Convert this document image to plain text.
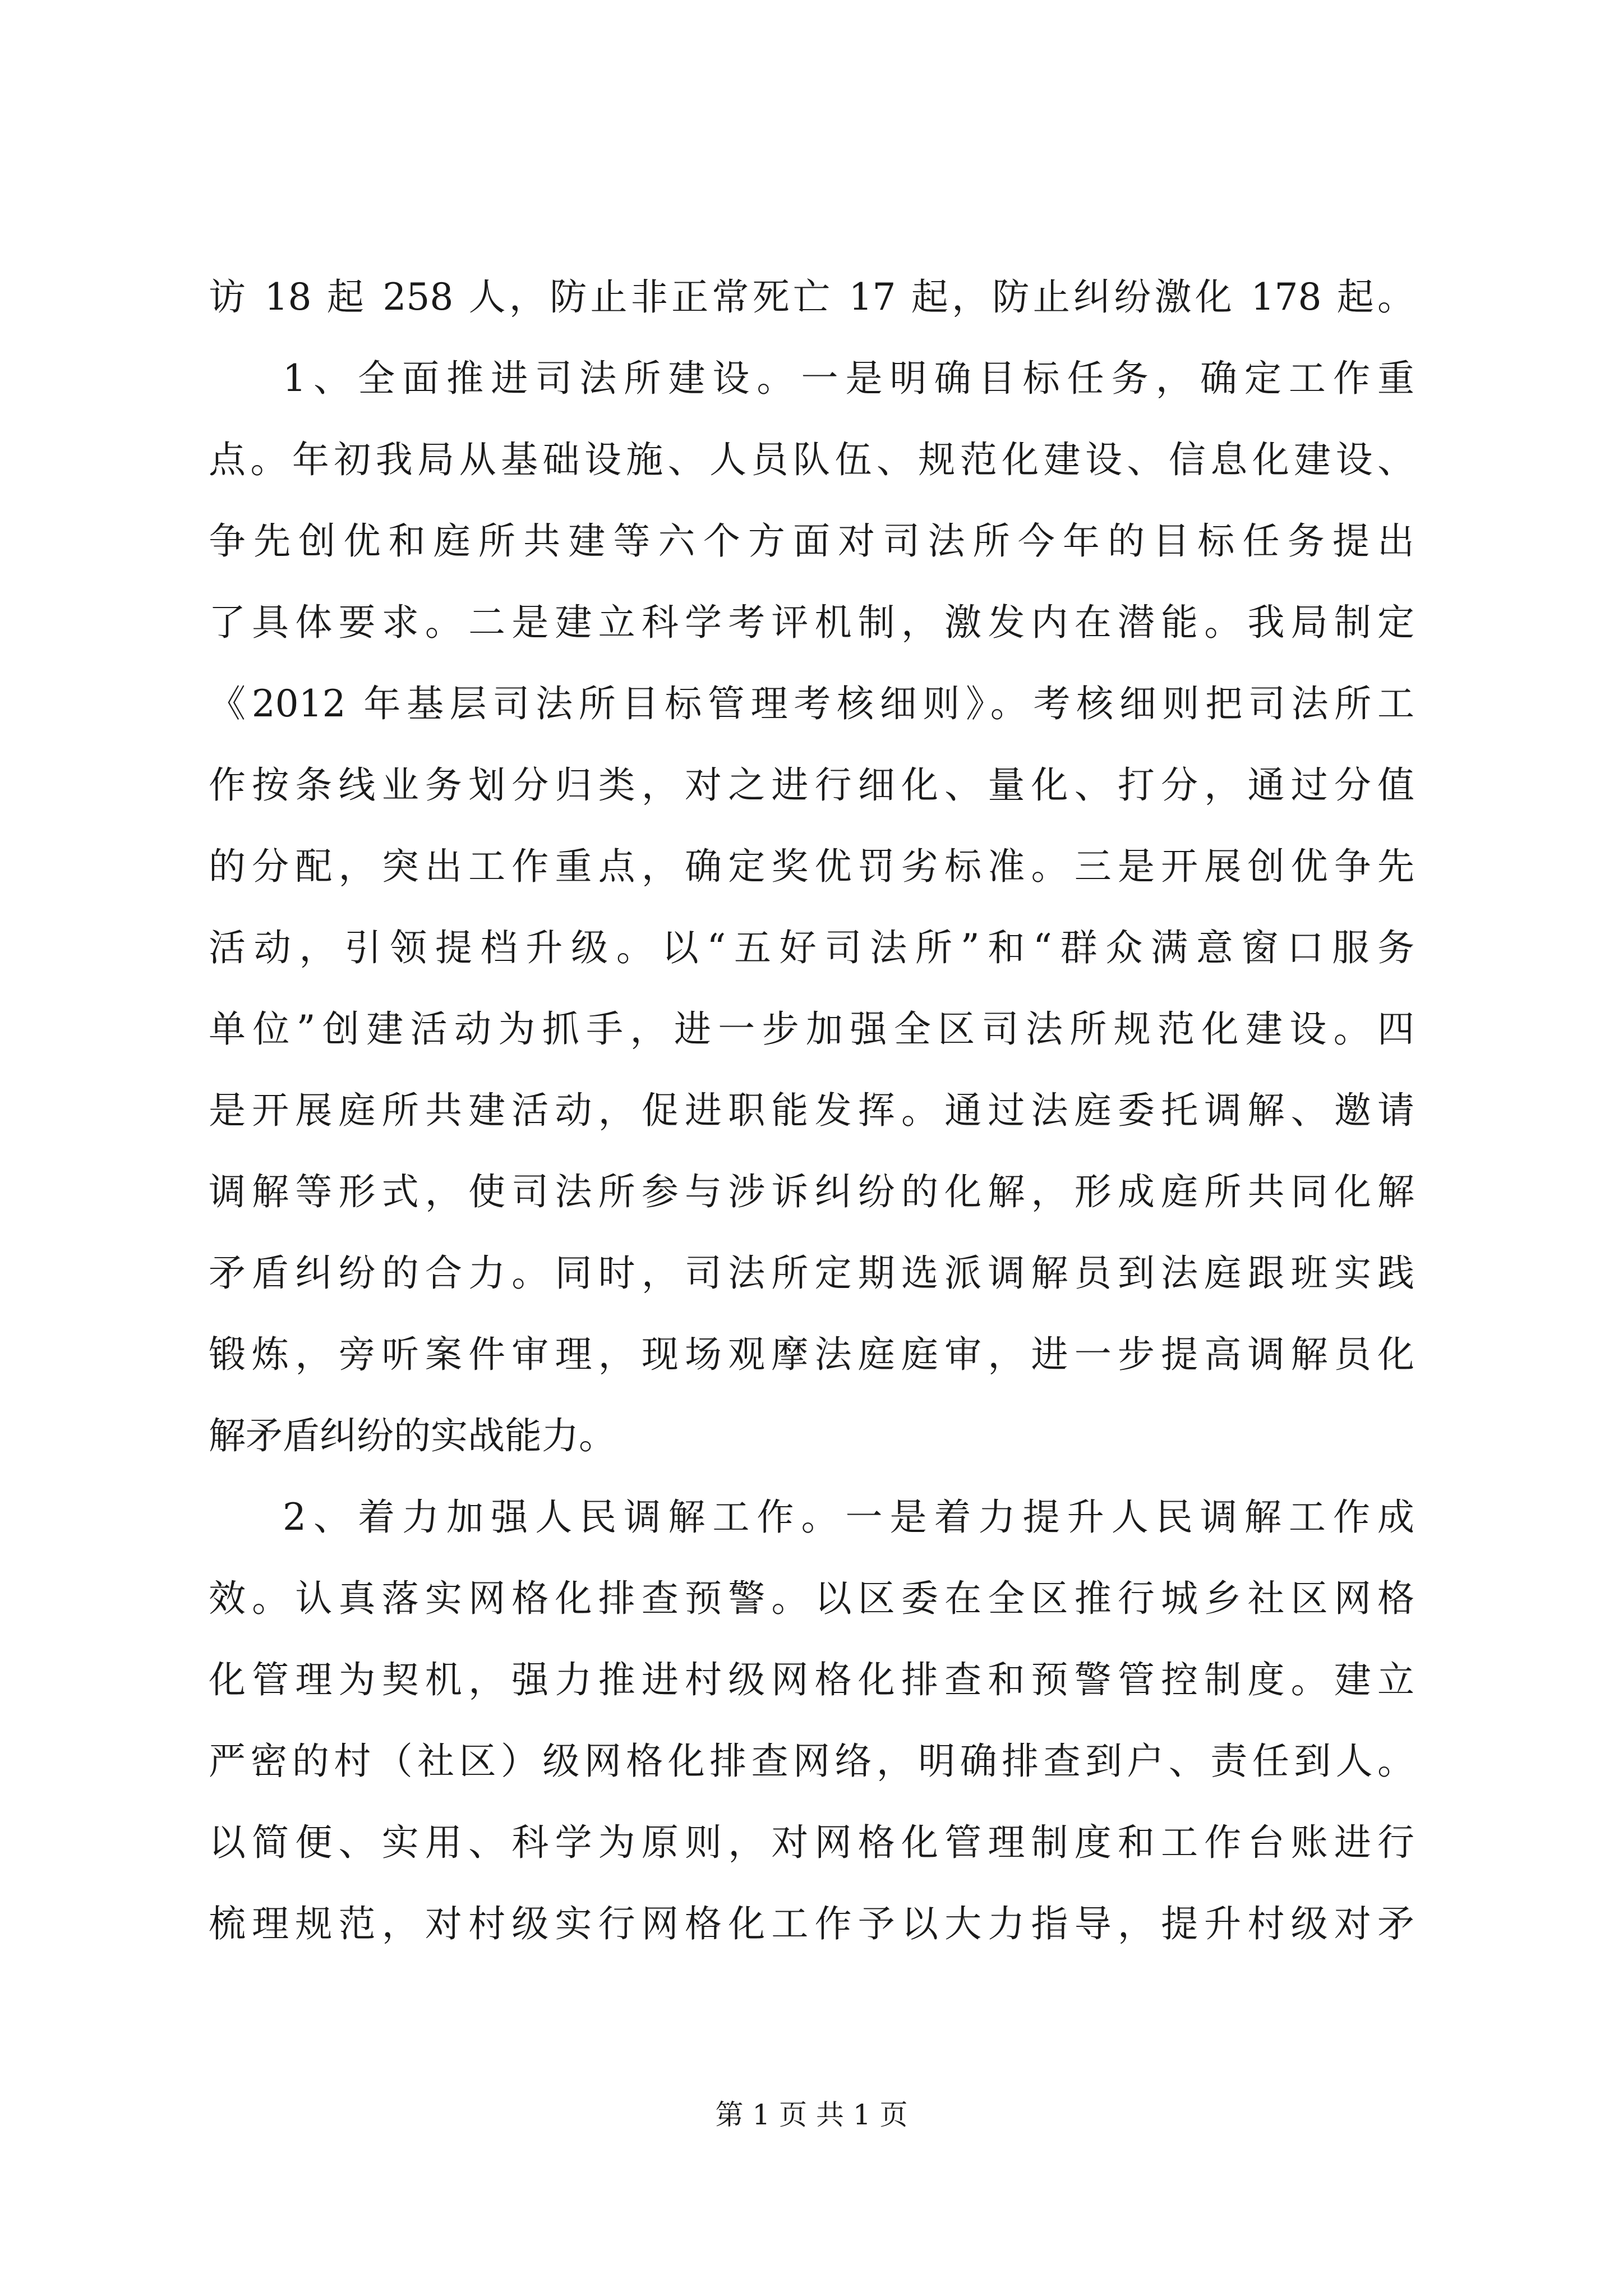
访 18 起 258 人，防止非正常死亡 17 起，防止纠纷激化 178 起。
1、全面推进司法所建设。一是明确目标任务，确定工作重
点。年初我局从基础设施、人员队伍、规范化建设、信息化建设、
争先创优和庭所共建等六个方面对司法所今年的目标任务提出
了具体要求。二是建立科学考评机制，激发内在潜能。我局制定
《2012 年基层司法所目标管理考核细则》。考核细则把司法所工
作按条线业务划分归类，对之进行细化、量化、打分，通过分值
的分配，突出工作重点，确定奖优罚劣标准。三是开展创优争先
活动，引领提档升级。以“五好司法所”和“群众满意窗口服务
单位”创建活动为抓手，进一步加强全区司法所规范化建设。四
是开展庭所共建活动，促进职能发挥。通过法庭委托调解、邀请
调解等形式，使司法所参与涉诉纠纷的化解，形成庭所共同化解
矛盾纠纷的合力。同时，司法所定期选派调解员到法庭跟班实践
锻炼，旁听案件审理，现场观摩法庭庭审，进一步提高调解员化
解矛盾纠纷的实战能力。
2、着力加强人民调解工作。一是着力提升人民调解工作成
效。认真落实网格化排查预警。以区委在全区推行城乡社区网格
化管理为契机，强力推进村级网格化排查和预警管控制度。建立
严密的村（社区）级网格化排查网络，明确排查到户、责任到人。
以简便、实用、科学为原则，对网格化管理制度和工作台账进行
梳理规范，对村级实行网格化工作予以大力指导，提升村级对矛
第 1 页 共 1 页
